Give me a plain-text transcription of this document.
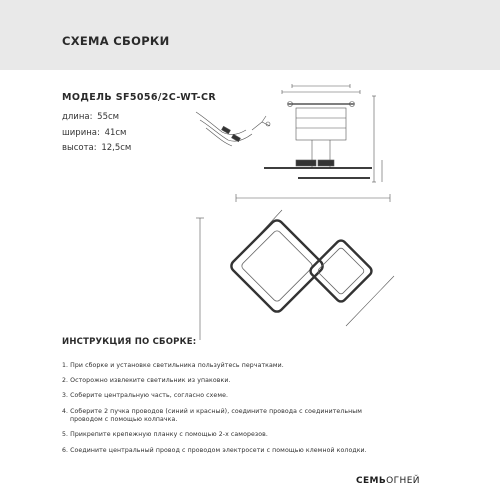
СХЕМА СБОРКИ
МОДЕЛЬ SF5056/2C-WT-CR
длина: 55см
ширина: 41см
высота: 12,5см
ИНСТРУКЦИЯ ПО СБОРКЕ:
1. При сборке и установке светильника пользуйтесь перчатками.
2. Осторожно извлеките светильник из упаковки.
3. Соберите центральную часть, согласно схеме.
4. Соберите 2 пучка проводов (синий и красный), соедините провода с соединительным
проводом с помощью колпачка.
5. Прикрепите крепежную планку с помощью 2-х саморезов.
6. Соедините центральный провод с проводом электросети с помощью клемной колодки.
СЕМЬОГНЕЙ
